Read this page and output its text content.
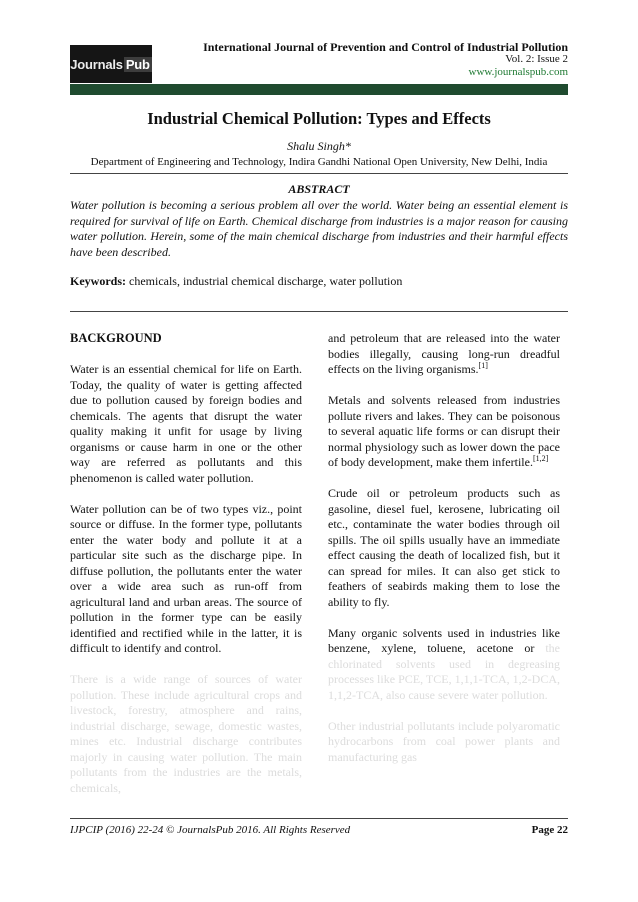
Journals Pub
International Journal of Prevention and Control of Industrial Pollution
Vol. 2: Issue 2
www.journalspub.com
Industrial Chemical Pollution: Types and Effects
Shalu Singh*
Department of Engineering and Technology, Indira Gandhi National Open University, New Delhi, India
ABSTRACT
Water pollution is becoming a serious problem all over the world. Water being an essential element is required for survival of life on Earth. Chemical discharge from industries is a major reason for causing water pollution. Herein, some of the main chemical discharge from industries and their harmful effects have been described.
Keywords: chemicals, industrial chemical discharge, water pollution

BACKGROUND

Water is an essential chemical for life on Earth. Today, the quality of water is getting affected due to pollution caused by foreign bodies and chemicals. The agents that disrupt the water quality making it unfit for usage by living organisms or cause harm in one or the other way are referred as pollutants and this phenomenon is called water pollution.

Water pollution can be of two types viz., point source or diffuse. In the former type, pollutants enter the water body and pollute it at a particular site such as the discharge pipe. In diffuse pollution, the pollutants enter the water over a wide area such as run-off from agricultural land and urban areas. The source of pollution in the former type can be easily identified and rectified while in the latter, it is difficult to identify and control.

There is a wide range of sources of water pollution. These include agricultural crops and livestock, forestry, atmosphere and rains, industrial discharge, sewage, domestic wastes, mines etc. Industrial discharge contributes majorly in causing water pollution. The main pollutants from the industries are the metals, chemicals,

and petroleum that are released into the water bodies illegally, causing long-run dreadful effects on the living organisms.[1]

Metals and solvents released from industries pollute rivers and lakes. They can be poisonous to several aquatic life forms or can disrupt their normal physiology such as lower down the pace of body development, make them infertile.[1,2]

Crude oil or petroleum products such as gasoline, diesel fuel, kerosene, lubricating oil etc., contaminate the water bodies through oil spills. The oil spills usually have an immediate effect causing the death of localized fish, but it can spread for miles. It can also get stick to feathers of seabirds making them to lose the ability to fly.

Many organic solvents used in industries like benzene, xylene, toluene, acetone or the chlorinated solvents used in degreasing processes like PCE, TCE, 1,1,1-TCA, 1,2-DCA, 1,1,2-TCA, also cause severe water pollution.

Other industrial pollutants include polyaromatic hydrocarbons from coal power plants and manufacturing gas

IJPCIP (2016) 22-24 © JournalsPub 2016. All Rights Reserved	Page 22
